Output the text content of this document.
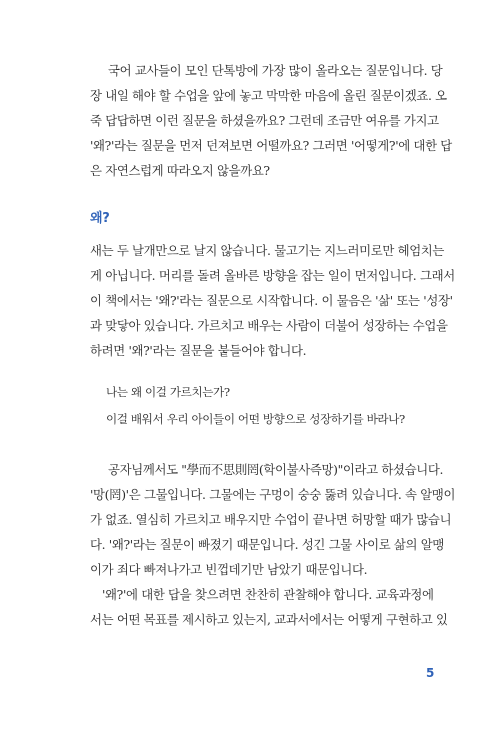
국어 교사들이 모인 단톡방에 가장 많이 올라오는 질문입니다. 당
장 내일 해야 할 수업을 앞에 놓고 막막한 마음에 올린 질문이겠죠. 오
죽 답답하면 이런 질문을 하셨을까요? 그런데 조금만 여유를 가지고
'왜?'라는 질문을 먼저 던져보면 어떨까요? 그러면 '어떻게?'에 대한 답
은 자연스럽게 따라오지 않을까요?
왜?
새는 두 날개만으로 날지 않습니다. 물고기는 지느러미로만 헤엄치는
게 아닙니다. 머리를 돌려 올바른 방향을 잡는 일이 먼저입니다. 그래서
이 책에서는 '왜?'라는 질문으로 시작합니다. 이 물음은 '삶' 또는 '성장'
과 맞닿아 있습니다. 가르치고 배우는 사람이 더불어 성장하는 수업을
하려면 '왜?'라는 질문을 붙들어야 합니다.
나는 왜 이걸 가르치는가?
이걸 배워서 우리 아이들이 어떤 방향으로 성장하기를 바라나?
공자님께서도 "學而不思則罔(학이불사즉망)"이라고 하셨습니다.
'망(罔)'은 그물입니다. 그물에는 구멍이 숭숭 뚫려 있습니다. 속 알맹이
가 없죠. 열심히 가르치고 배우지만 수업이 끝나면 허망할 때가 많습니
다. '왜?'라는 질문이 빠졌기 때문입니다. 성긴 그물 사이로 삶의 알맹
이가 죄다 빠져나가고 빈껍데기만 남았기 때문입니다.
'왜?'에 대한 답을 찾으려면 찬찬히 관찰해야 합니다. 교육과정에
서는 어떤 목표를 제시하고 있는지, 교과서에서는 어떻게 구현하고 있
5
